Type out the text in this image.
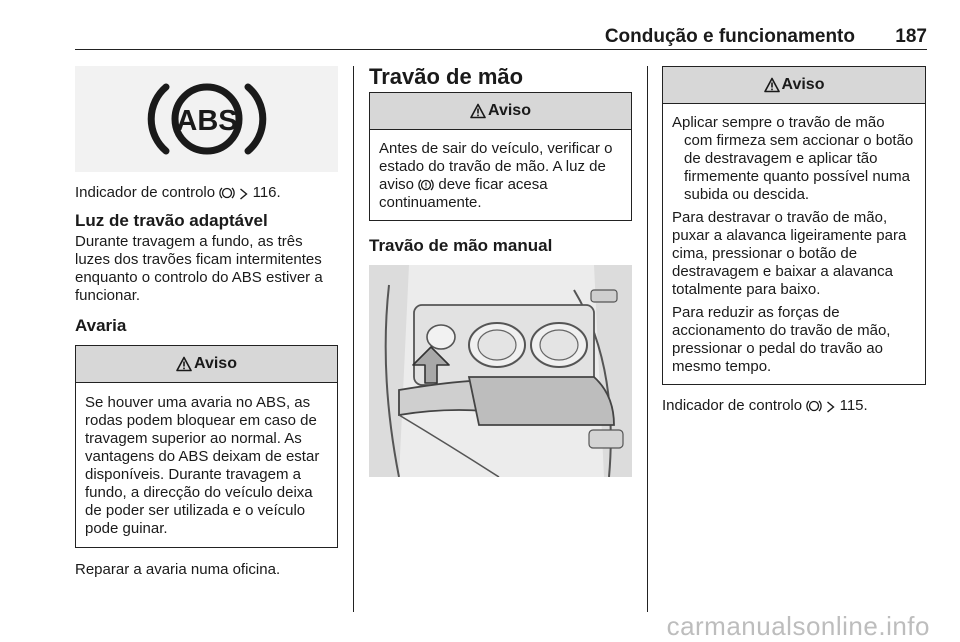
Condução e funcionamento 187
ABS

Indicador de controlo	116.

Luz de travão adaptável

Durante travagem a fundo, as três luzes dos travões ficam intermitentes enquanto o controlo do ABS estiver a funcionar.

Avaria

Aviso

Se houver uma avaria no ABS, as rodas podem bloquear em caso de travagem superior ao normal. As vantagens do ABS deixam de estar disponíveis. Durante travagem a fundo, a direcção do veículo deixa de poder ser utilizada e o veículo pode guinar.

Reparar a avaria numa oficina.

Travão de mão

Aviso

Antes de sair do veículo, verificar o estado do travão de mão. A luz de aviso deve ficar acesa continuamente.

Travão de mão manual

Aviso

Aplicar sempre o travão de mão com firmeza sem accionar o botão de destravagem e aplicar tão firmemente quanto possível numa subida ou descida.

Para destravar o travão de mão, puxar a alavanca ligeiramente para cima, pressionar o botão de destravagem e baixar a alavanca totalmente para baixo.

Para reduzir as forças de accionamento do travão de mão, pressionar o pedal do travão ao mesmo tempo.

Indicador de controlo	115.

carmanualsonline.info
